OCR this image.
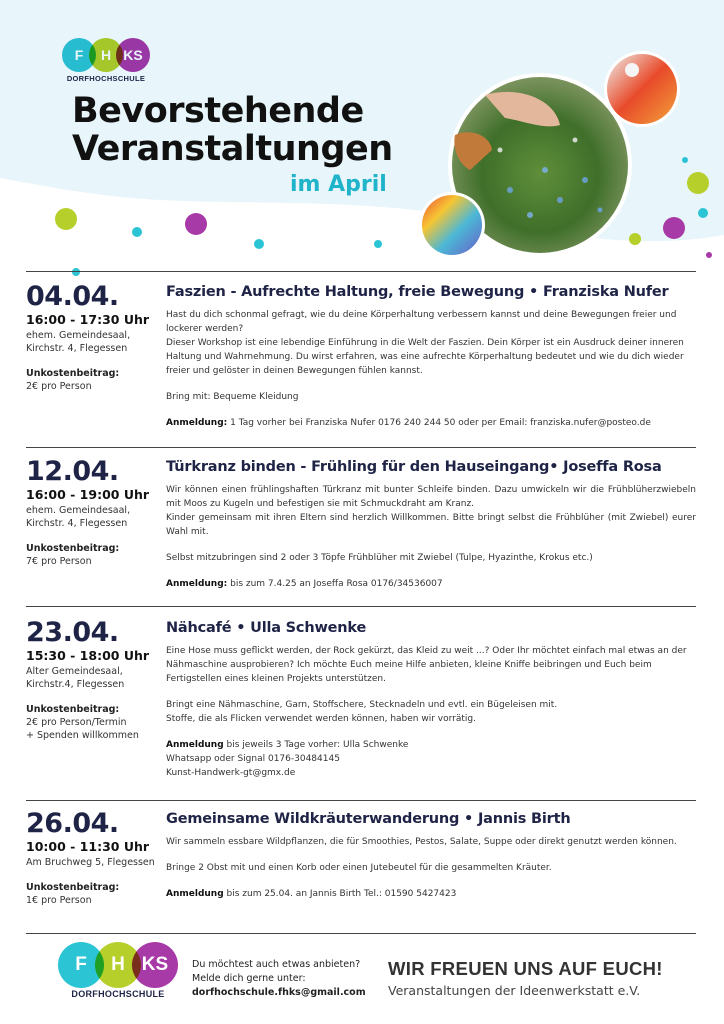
F	H KS
DORFHOCHSCHULE
Bevorstehende
Veranstaltungen
im April
04.04.
16:00 - 17:30 Uhr
ehem. Gemeindesaal,
Kirchstr. 4, Flegessen
Unkostenbeitrag:
2€ pro Person
Faszien - Aufrechte Haltung, freie Bewegung • Franziska Nufer

Hast du dich schonmal gefragt, wie du deine Körperhaltung verbessern kannst und deine Bewegungen freier und lockerer werden?

Dieser Workshop ist eine lebendige Einführung in die Welt der Faszien. Dein Körper ist ein Ausdruck deiner inneren Haltung und Wahrnehmung. Du wirst erfahren, was eine aufrechte Körperhaltung bedeutet und wie du dich wieder freier und gelöster in deinen Bewegungen fühlen kannst.

Bring mit: Bequeme Kleidung

Anmeldung: 1 Tag vorher bei Franziska Nufer 0176 240 244 50 oder per Email: franziska.nufer@posteo.de

12.04.
16:00 - 19:00 Uhr
ehem. Gemeindesaal,
Kirchstr. 4, Flegessen
Unkostenbeitrag:
7€ pro Person
Türkranz binden - Frühling für den Hauseingang• Joseffa Rosa

Wir können einen frühlingshaften Türkranz mit bunter Schleife binden. Dazu umwickeln wir die Frühblüherzwiebeln mit Moos zu Kugeln und befestigen sie mit Schmuckdraht am Kranz.

Kinder gemeinsam mit ihren Eltern sind herzlich Willkommen. Bitte bringt selbst die Frühblüher (mit Zwiebel) eurer Wahl mit.

Selbst mitzubringen sind 2 oder 3 Töpfe Frühblüher mit Zwiebel (Tulpe, Hyazinthe, Krokus etc.)

Anmeldung: bis zum 7.4.25 an Joseffa Rosa 0176/34536007

23.04.
15:30 - 18:00 Uhr
Alter Gemeindesaal,
Kirchstr.4, Flegessen
Unkostenbeitrag:
2€ pro Person/Termin
+ Spenden willkommen
Nähcafé • Ulla Schwenke

Eine Hose muss geflickt werden, der Rock gekürzt, das Kleid zu weit ...? Oder Ihr möchtet einfach mal etwas an der Nähmaschine ausprobieren? Ich möchte Euch meine Hilfe anbieten, kleine Kniffe beibringen und Euch beim Fertigstellen eines kleinen Projekts unterstützen.

Bringt eine Nähmaschine, Garn, Stoffschere, Stecknadeln und evtl. ein Bügeleisen mit.

Stoffe, die als Flicken verwendet werden können, haben wir vorrätig.

Anmeldung bis jeweils 3 Tage vorher: Ulla Schwenke

Whatsapp oder Signal 0176-30484145

Kunst-Handwerk-gt@gmx.de

26.04.
10:00 - 11:30 Uhr
Am Bruchweg 5, Flegessen
Unkostenbeitrag:
1€ pro Person
Gemeinsame Wildkräuterwanderung • Jannis Birth

Wir sammeln essbare Wildpflanzen, die für Smoothies, Pestos, Salate, Suppe oder direkt genutzt werden können.

Bringe 2 Obst mit und einen Korb oder einen Jutebeutel für die gesammelten Kräuter.

Anmeldung bis zum 25.04. an Jannis Birth Tel.: 01590 5427423

F	H KS
DORFHOCHSCHULE
Du möchtest auch etwas anbieten?
Melde dich gerne unter:
dorfhochschule.fhks@gmail.com
WIR FREUEN UNS AUF EUCH!
Veranstaltungen der Ideenwerkstatt e.V.
